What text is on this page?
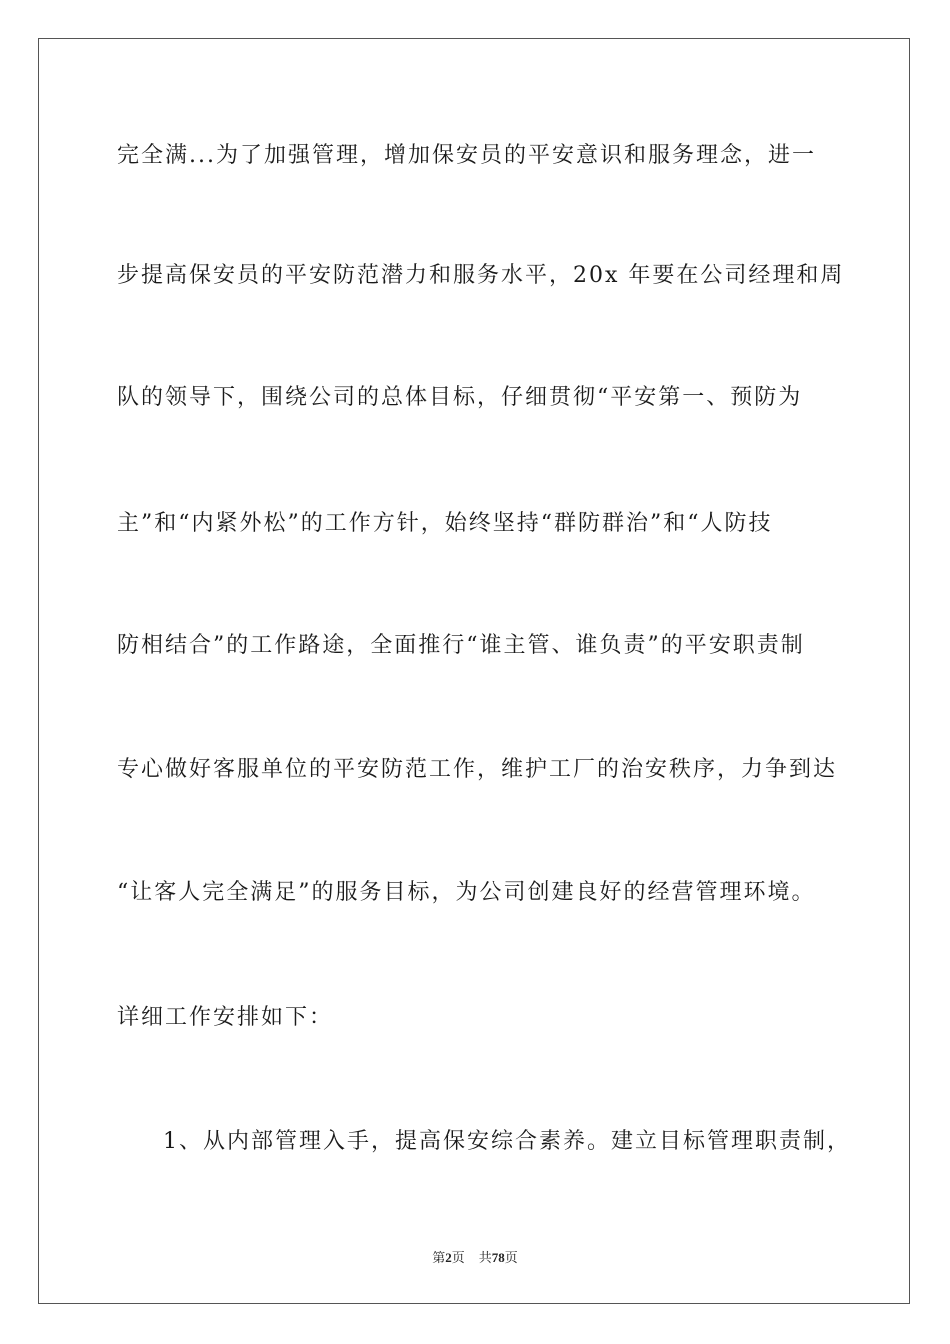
完全满...为了加强管理，增加保安员的平安意识和服务理念，进一
步提高保安员的平安防范潜力和服务水平，20x 年要在公司经理和周
队的领导下，围绕公司的总体目标，仔细贯彻“平安第一、预防为
主”和“内紧外松”的工作方针，始终坚持“群防群治”和“人防技
防相结合”的工作路途，全面推行“谁主管、谁负责”的平安职责制
专心做好客服单位的平安防范工作，维护工厂的治安秩序，力争到达
“让客人完全满足”的服务目标，为公司创建良好的经营管理环境。
详细工作安排如下：
1、从内部管理入手，提高保安综合素养。建立目标管理职责制，
第2页 共78页
